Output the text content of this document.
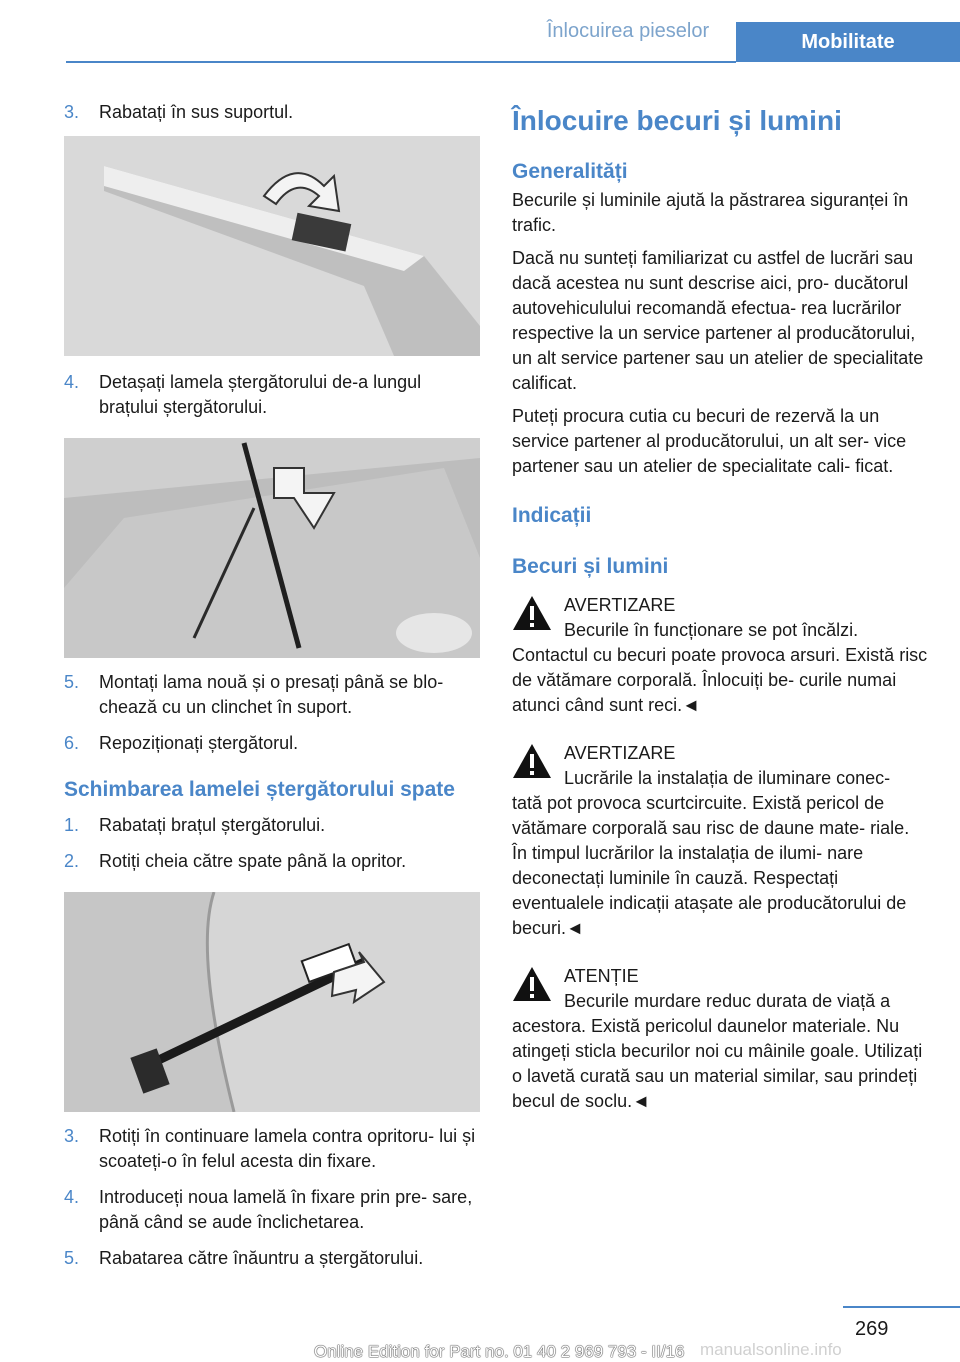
Înlocuirea pieselor	Mobilitate
3. Rabatați în sus suportul.
4. Detașați lamela ștergătorului de-a lungul brațului ștergătorului.
5. Montați lama nouă și o presați până se blo‐ chează cu un clinchet în suport.
6. Repoziționați ștergătorul.
Schimbarea lamelei ștergătorului spate
1. Rabatați brațul ștergătorului.
2. Rotiți cheia către spate până la opritor.
3. Rotiți în continuare lamela contra opritoru‐ lui și scoateți-o în felul acesta din fixare.
4. Introduceți noua lamelă în fixare prin pre‐ sare, până când se aude înclichetarea.
5. Rabatarea către înăuntru a ștergătorului.
Înlocuire becuri și lumini
Generalități

Becurile și luminile ajută la păstrarea siguranței în trafic.

Dacă nu sunteți familiarizat cu astfel de lucrări sau dacă acestea nu sunt descrise aici, pro‐ ducătorul autovehiculului recomandă efectua‐ rea lucrărilor respective la un service partener al producătorului, un alt service partener sau un atelier de specialitate calificat.

Puteți procura cutia cu becuri de rezervă la un service partener al producătorului, un alt ser‐ vice partener sau un atelier de specialitate cali‐ ficat.

Indicații
Becuri și lumini
AVERTIZARE
Becurile în funcționare se pot încălzi.
Contactul cu becuri poate provoca arsuri. Există risc de vătămare corporală. Înlocuiți be‐ curile numai atunci când sunt reci.◄
AVERTIZARE
Lucrările la instalația de iluminare conec‐
tată pot provoca scurtcircuite. Există pericol de vătămare corporală sau risc de daune mate‐ riale. În timpul lucrărilor la instalația de ilumi‐ nare deconectați luminile în cauză. Respectați eventualele indicații atașate ale producătorului de becuri.◄
ATENȚIE
Becurile murdare reduc durata de viață a
acestora. Există pericolul daunelor materiale. Nu atingeți sticla becurilor noi cu mâinile goale. Utilizați o lavetă curată sau un material similar, sau prindeți becul de soclu.◄
269
Online Edition for Part no. 01 40 2 969 793 - II/16 manualsonline.info
